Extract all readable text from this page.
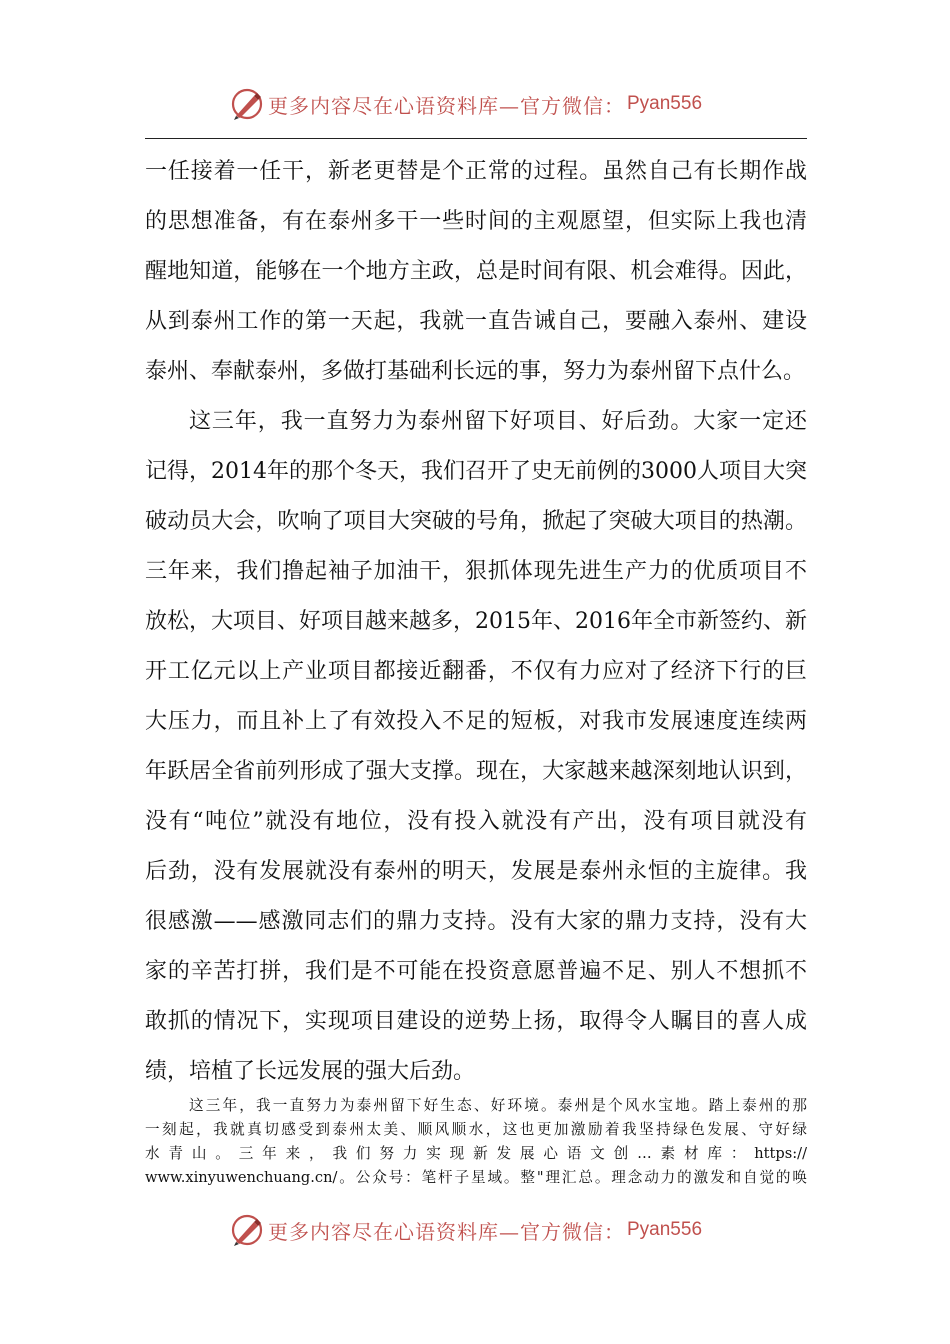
更多内容尽在心语资料库—官方微信： Pyan556
一任接着一任干，新老更替是个正常的过程。虽然自己有长期作战
的思想准备，有在泰州多干一些时间的主观愿望，但实际上我也清
醒地知道，能够在一个地方主政，总是时间有限、机会难得。因此，
从到泰州工作的第一天起，我就一直告诫自己，要融入泰州、建设
泰州、奉献泰州，多做打基础利长远的事，努力为泰州留下点什么。
这三年，我一直努力为泰州留下好项目、好后劲。大家一定还
记得，2014年的那个冬天，我们召开了史无前例的3000人项目大突
破动员大会，吹响了项目大突破的号角，掀起了突破大项目的热潮。
三年来，我们撸起袖子加油干，狠抓体现先进生产力的优质项目不
放松，大项目、好项目越来越多，2015年、2016年全市新签约、新
开工亿元以上产业项目都接近翻番，不仅有力应对了经济下行的巨
大压力，而且补上了有效投入不足的短板，对我市发展速度连续两
年跃居全省前列形成了强大支撑。现在，大家越来越深刻地认识到，
没有“吨位”就没有地位，没有投入就没有产出，没有项目就没有
后劲，没有发展就没有泰州的明天，发展是泰州永恒的主旋律。我
很感激——感激同志们的鼎力支持。没有大家的鼎力支持，没有大
家的辛苦打拼，我们是不可能在投资意愿普遍不足、别人不想抓不
敢抓的情况下，实现项目建设的逆势上扬，取得令人瞩目的喜人成
绩，培植了长远发展的强大后劲。
这三年，我一直努力为泰州留下好生态、好环境。泰州是个风水宝地。踏上泰州的那
一刻起，我就真切感受到泰州太美、顺风顺水，这也更加激励着我坚持绿色发展、守好绿
水青山。三年来，我们努力实现新发展心语文创…素材库：https://
www.xinyuwenchuang.cn/。公众号：笔杆子星域。整"理汇总。理念动力的激发和自觉的唤
更多内容尽在心语资料库—官方微信： Pyan556
